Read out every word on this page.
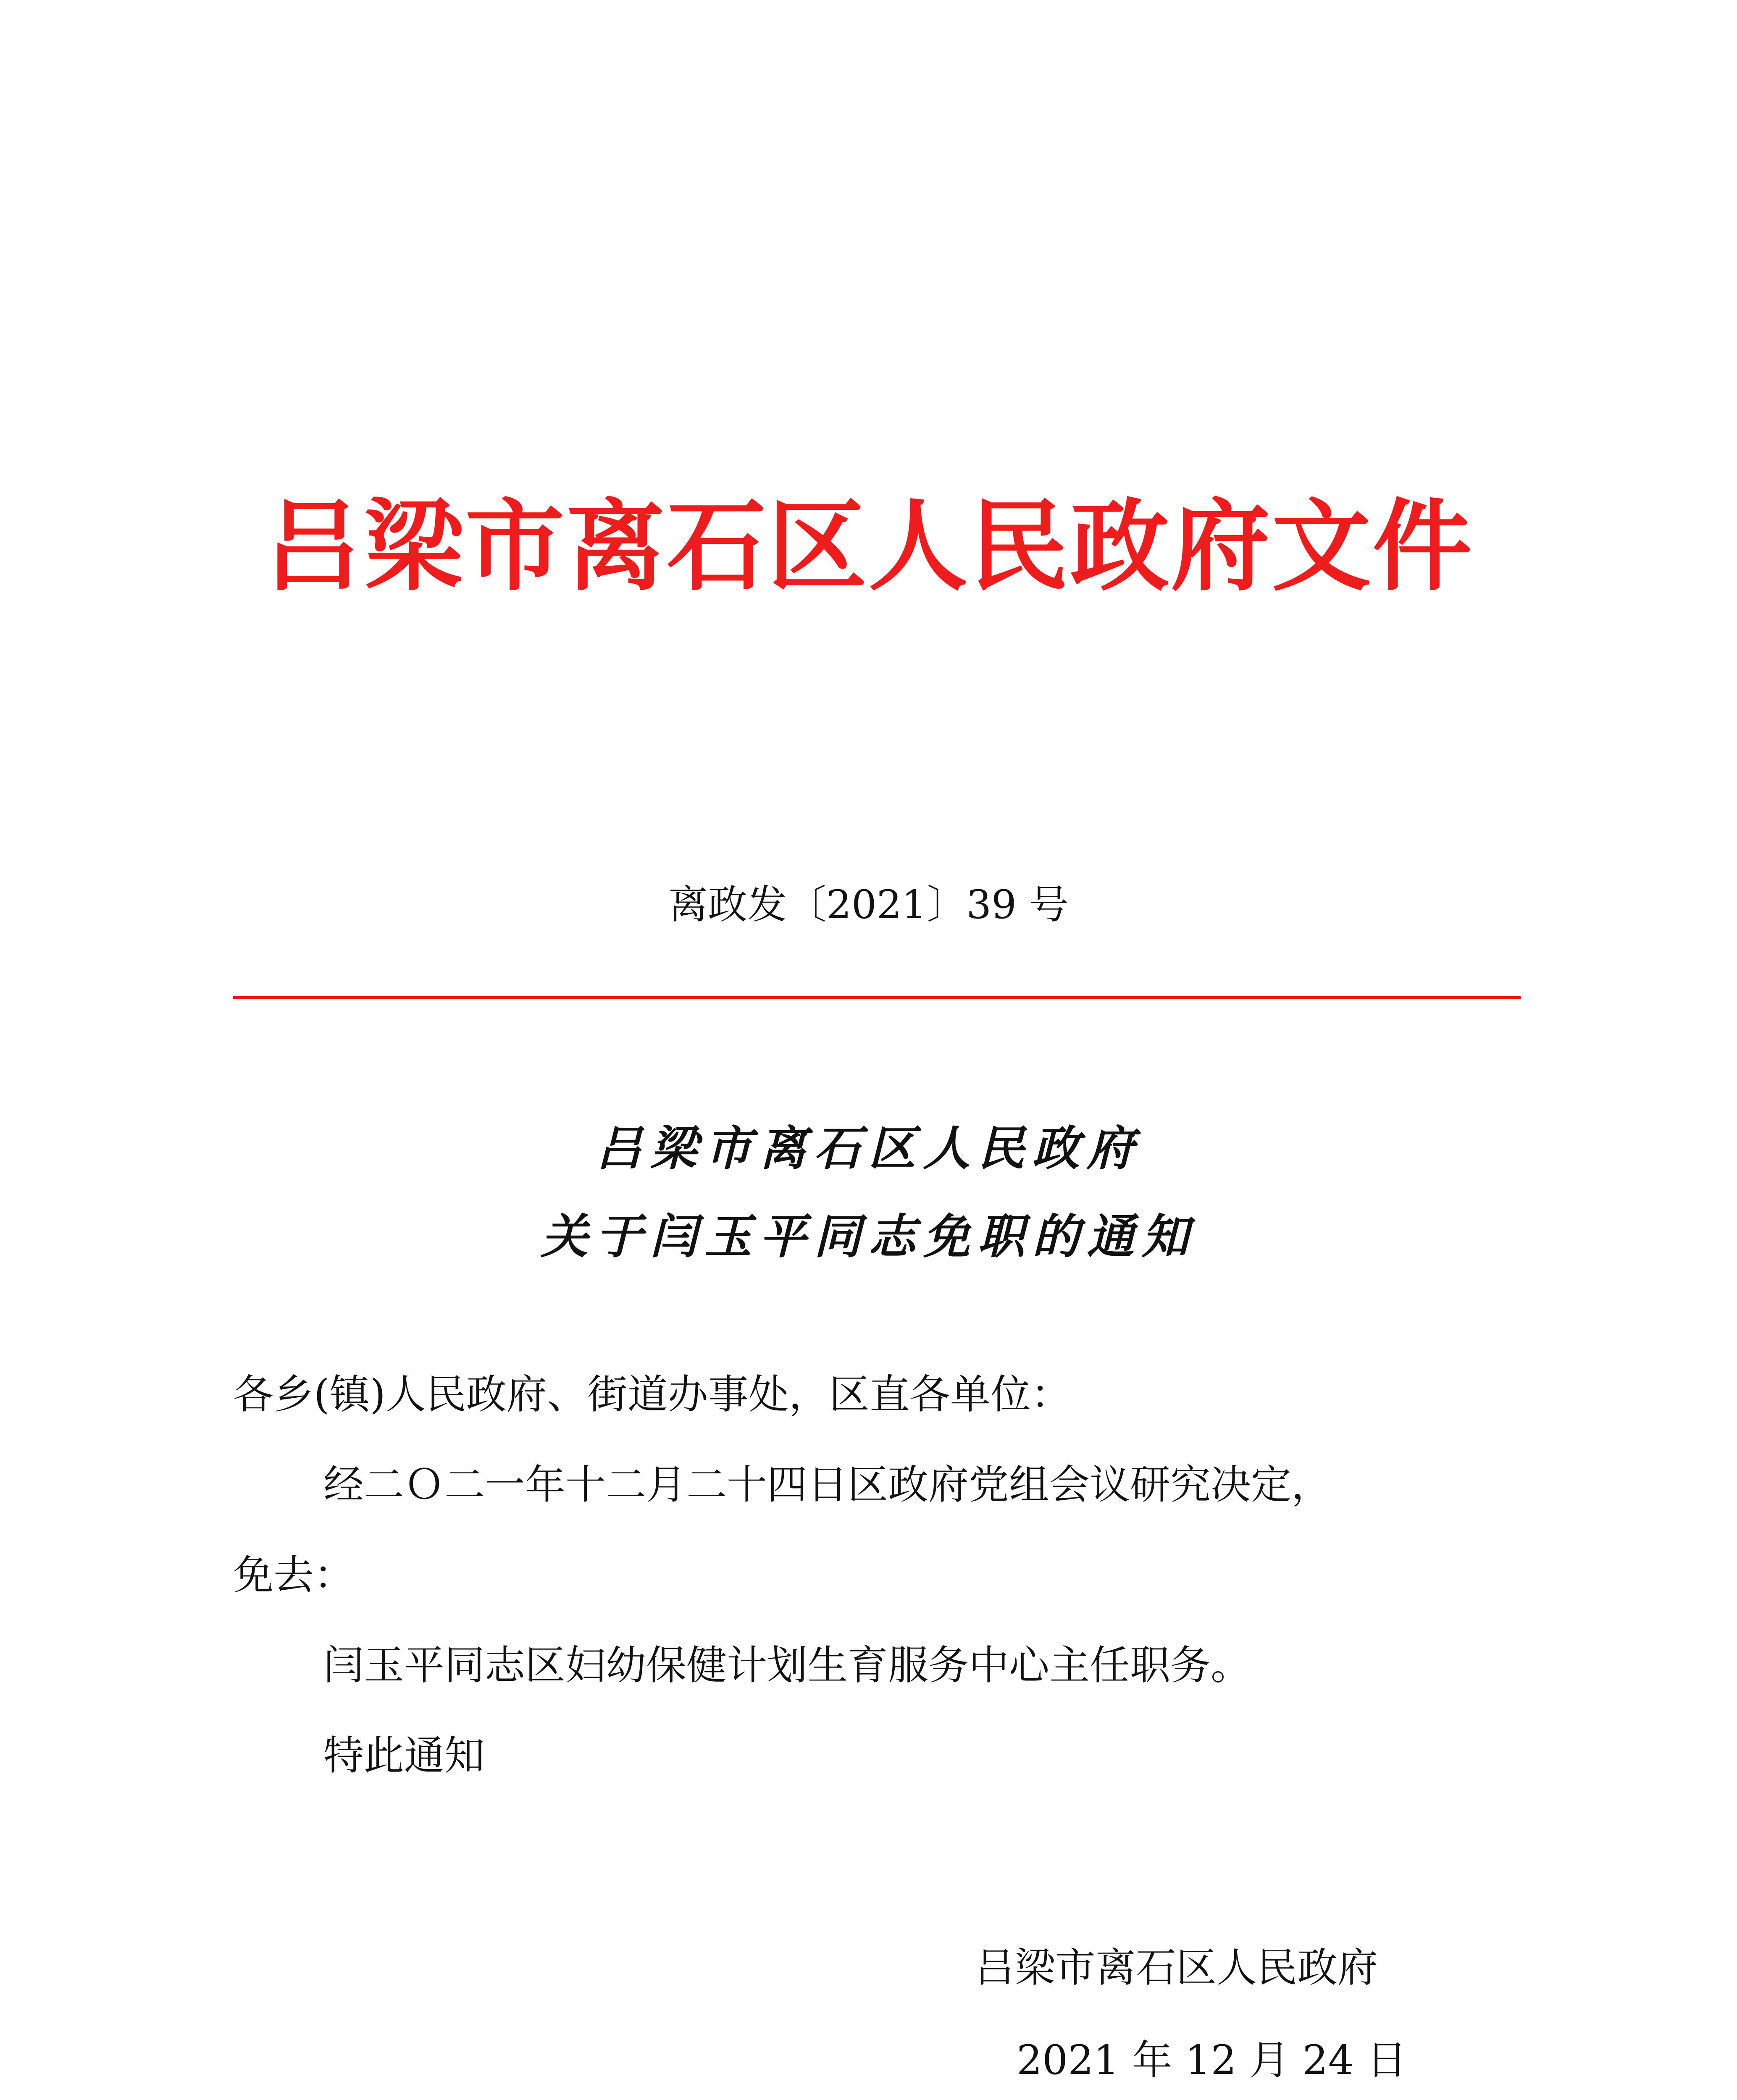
吕梁市离石区人民政府文件
离政发〔2021〕39 号
吕梁市离石区人民政府
关于闫玉平同志免职的通知
各乡(镇)人民政府、街道办事处，区直各单位：
经二Ｏ二一年十二月二十四日区政府党组会议研究决定，
免去：
闫玉平同志区妇幼保健计划生育服务中心主任职务。
特此通知
吕梁市离石区人民政府
2021 年 12 月 24 日
